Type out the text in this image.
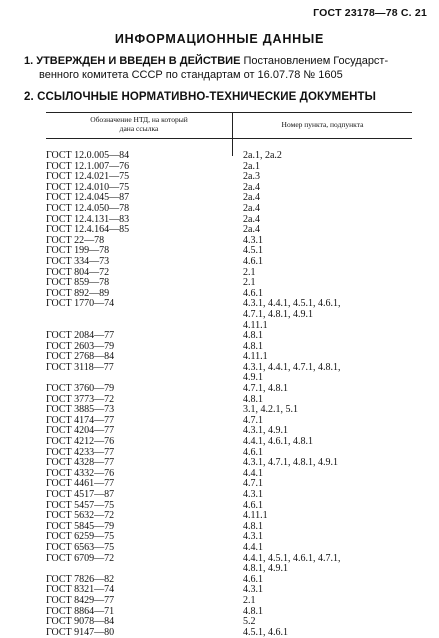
ГОСТ 23178—78 С. 21
ИНФОРМАЦИОННЫЕ ДАННЫЕ
1. УТВЕРЖДЕН И ВВЕДЕН В ДЕЙСТВИЕ Постановлением Государст-
венного комитета СССР по стандартам от 16.07.78 № 1605
2. ССЫЛОЧНЫЕ НОРМАТИВНО-ТЕХНИЧЕСКИЕ ДОКУМЕНТЫ
Обозначение НТД, на который
дана ссылка	Номер пункта, подпункта
ГОСТ 12.0.005—84	2а.1, 2а.2
ГОСТ 12.1.007—76	2а.1
ГОСТ 12.4.021—75	2а.3
ГОСТ 12.4.010—75	2а.4
ГОСТ 12.4.045—87	2а.4
ГОСТ 12.4.050—78	2а.4
ГОСТ 12.4.131—83	2а.4
ГОСТ 12.4.164—85	2а.4
ГОСТ 22—78	4.3.1
ГОСТ 199—78	4.5.1
ГОСТ 334—73	4.6.1
ГОСТ 804—72	2.1
ГОСТ 859—78	2.1
ГОСТ 892—89	4.6.1
ГОСТ 1770—74	4.3.1, 4.4.1, 4.5.1, 4.6.1,
4.7.1, 4.8.1, 4.9.1
4.11.1
ГОСТ 2084—77	4.8.1
ГОСТ 2603—79	4.8.1
ГОСТ 2768—84	4.11.1
ГОСТ 3118—77	4.3.1, 4.4.1, 4.7.1, 4.8.1,
4.9.1
ГОСТ 3760—79	4.7.1, 4.8.1
ГОСТ 3773—72	4.8.1
ГОСТ 3885—73	3.1, 4.2.1, 5.1
ГОСТ 4174—77	4.7.1
ГОСТ 4204—77	4.3.1, 4.9.1
ГОСТ 4212—76	4.4.1, 4.6.1, 4.8.1
ГОСТ 4233—77	4.6.1
ГОСТ 4328—77	4.3.1, 4.7.1, 4.8.1, 4.9.1
ГОСТ 4332—76	4.4.1
ГОСТ 4461—77	4.7.1
ГОСТ 4517—87	4.3.1
ГОСТ 5457—75	4.6.1
ГОСТ 5632—72	4.11.1
ГОСТ 5845—79	4.8.1
ГОСТ 6259—75	4.3.1
ГОСТ 6563—75	4.4.1
ГОСТ 6709—72	4.4.1, 4.5.1, 4.6.1, 4.7.1,
4.8.1, 4.9.1
ГОСТ 7826—82	4.6.1
ГОСТ 8321—74	4.3.1
ГОСТ 8429—77	2.1
ГОСТ 8864—71	4.8.1
ГОСТ 9078—84	5.2
ГОСТ 9147—80	4.5.1, 4.6.1
